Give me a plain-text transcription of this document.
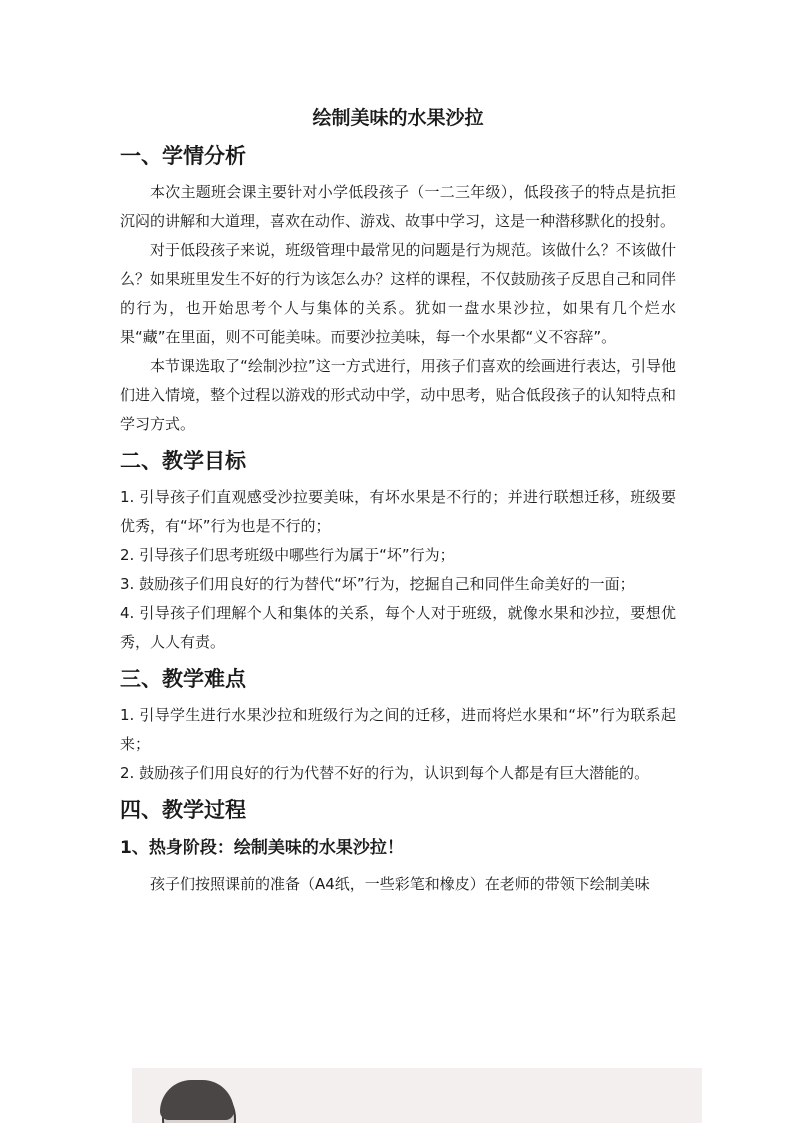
绘制美味的水果沙拉
一、学情分析

本次主题班会课主要针对小学低段孩子（一二三年级），低段孩子的特点是抗拒沉闷的讲解和大道理，喜欢在动作、游戏、故事中学习，这是一种潜移默化的投射。

对于低段孩子来说，班级管理中最常见的问题是行为规范。该做什么？不该做什么？如果班里发生不好的行为该怎么办？这样的课程，不仅鼓励孩子反思自己和同伴的行为，也开始思考个人与集体的关系。犹如一盘水果沙拉，如果有几个烂水果“藏”在里面，则不可能美味。而要沙拉美味，每一个水果都“义不容辞”。

本节课选取了“绘制沙拉”这一方式进行，用孩子们喜欢的绘画进行表达，引导他们进入情境，整个过程以游戏的形式动中学，动中思考，贴合低段孩子的认知特点和学习方式。

二、教学目标

1. 引导孩子们直观感受沙拉要美味，有坏水果是不行的；并进行联想迁移，班级要优秀，有“坏”行为也是不行的；

2. 引导孩子们思考班级中哪些行为属于“坏”行为；

3. 鼓励孩子们用良好的行为替代“坏”行为，挖掘自己和同伴生命美好的一面；

4. 引导孩子们理解个人和集体的关系，每个人对于班级，就像水果和沙拉，要想优秀，人人有责。

三、教学难点

1. 引导学生进行水果沙拉和班级行为之间的迁移，进而将烂水果和“坏”行为联系起来；

2. 鼓励孩子们用良好的行为代替不好的行为，认识到每个人都是有巨大潜能的。

四、教学过程
1、热身阶段：绘制美味的水果沙拉！

孩子们按照课前的准备（A4纸，一些彩笔和橡皮）在老师的带领下绘制美味
